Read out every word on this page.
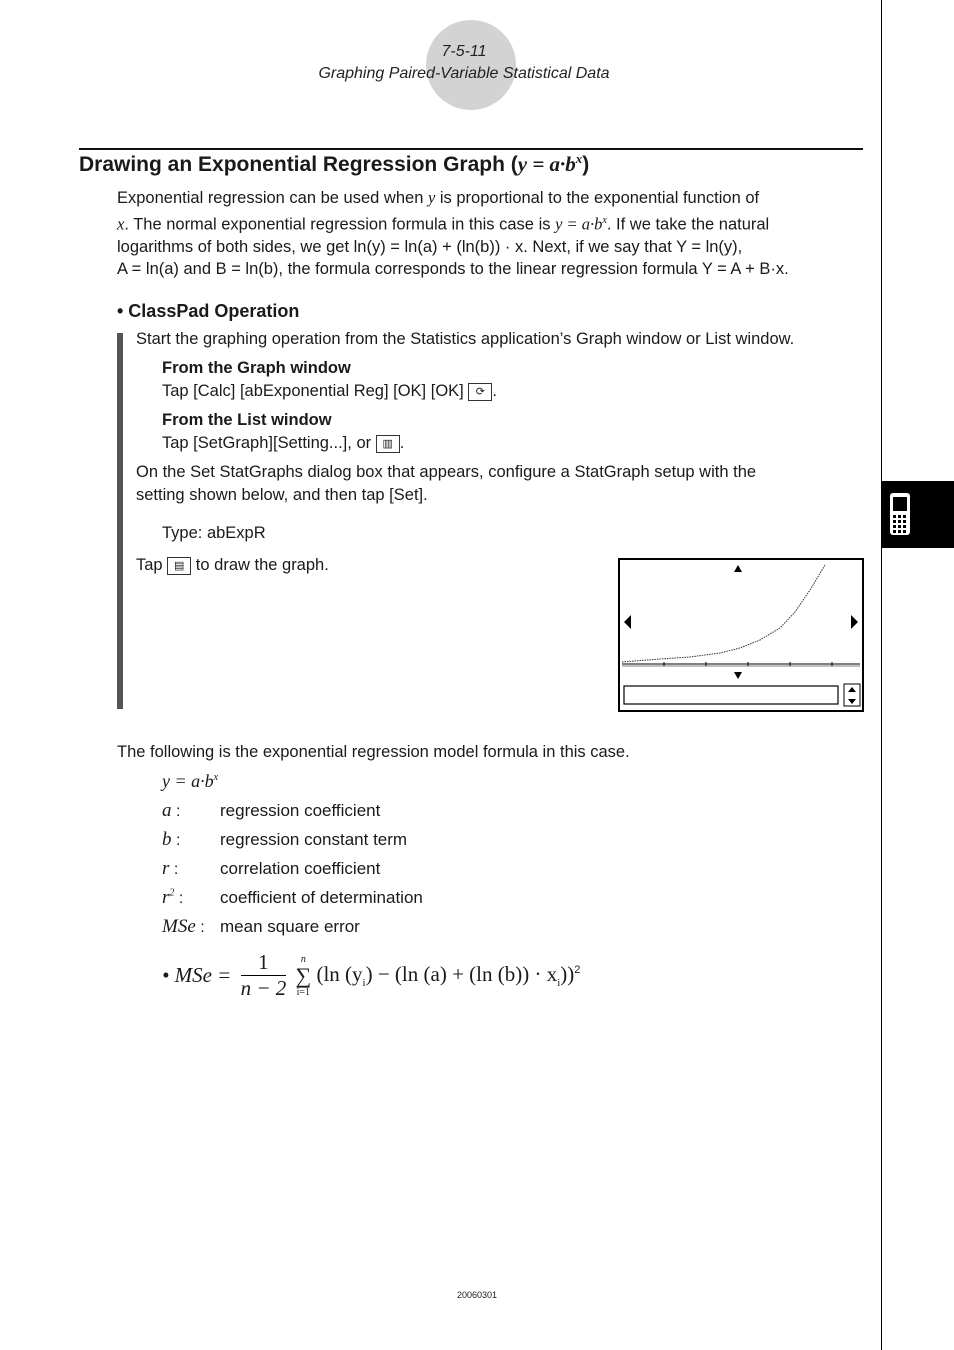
7-5-11
Graphing Paired-Variable Statistical Data
Drawing an Exponential Regression Graph $(y = a\cdot b^x)$
Exponential regression can be used when y is proportional to the exponential function of
x. The normal exponential regression formula in this case is $y = a\cdot b^x$. If we take the natural
logarithms of both sides, we get ln(y) = ln(a) + (ln(b)) · x. Next, if we say that Y = ln(y),
A = ln(a) and B = ln(b), the formula corresponds to the linear regression formula Y = A + B·x.
• ClassPad Operation
Start the graphing operation from the Statistics application’s Graph window or List window.
From the Graph window
Tap [Calc] [abExponential Reg] [OK] [OK] ⟳ .
From the List window
Tap [SetGraph][Setting...], or ▥ .
On the Set StatGraphs dialog box that appears, configure a StatGraph setup with the
setting shown below, and then tap [Set].
Type: abExpR
Tap ▤ to draw the graph.
The following is the exponential regression model formula in this case.
$y = a\cdot b^x$
a : regression coefficient
b : regression constant term
r : correlation coefficient
$r^2$ : coefficient of determination
MSe : mean square error
• MSe = $\frac{1}{n - 2}$
	n
∑
i=1
(ln $(y_i) - (\ln$ (a) + (ln $(b)) \cdot x_i))^2$
20060301
